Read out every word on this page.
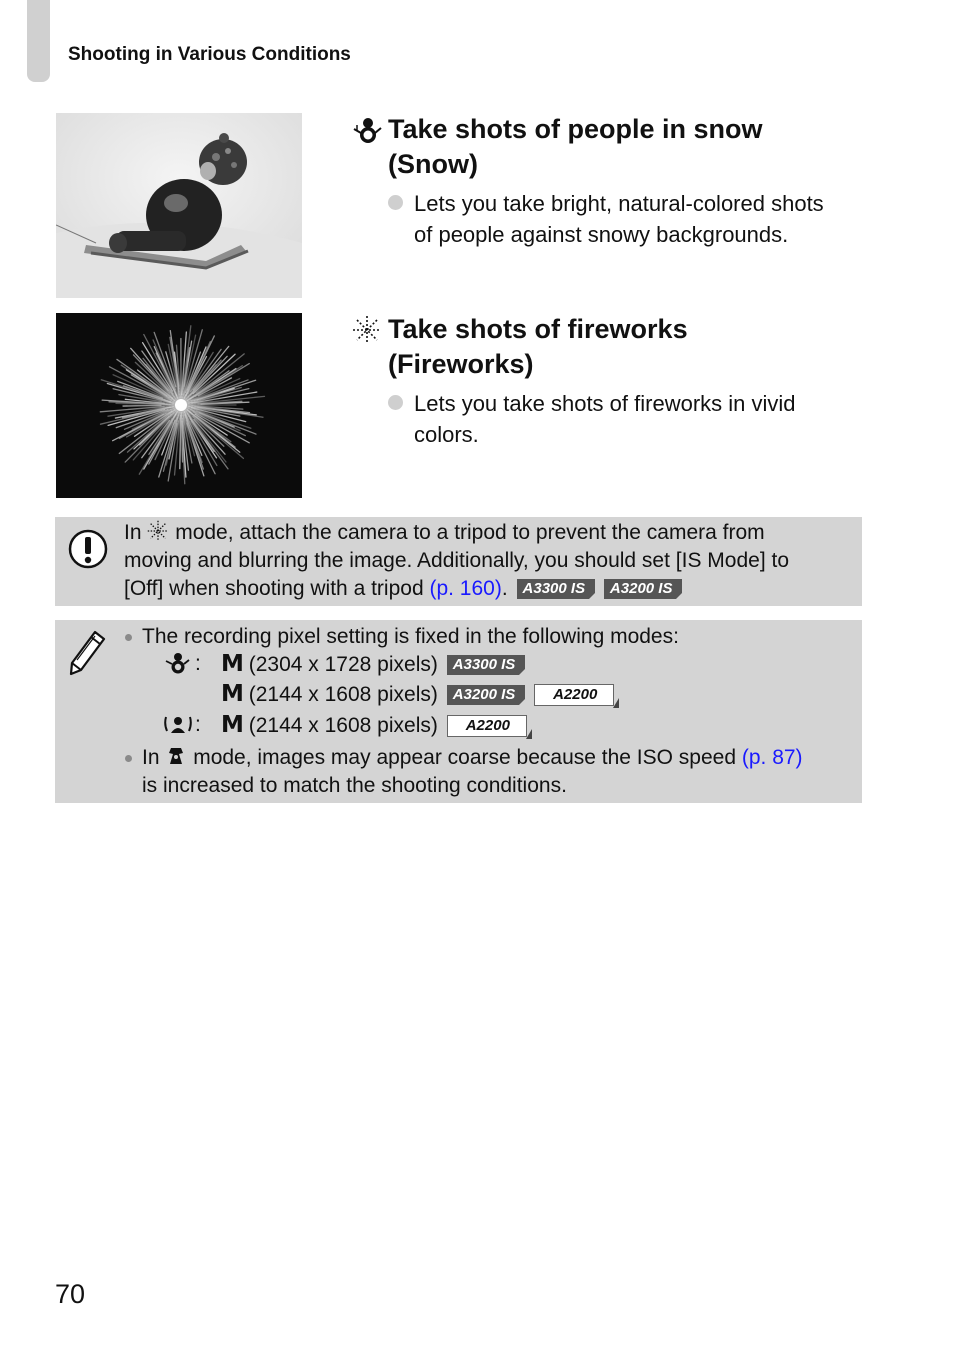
Shooting in Various Conditions
Take shots of people in snow
(Snow)
Lets you take bright, natural-colored shots
of people against snowy backgrounds.
Take shots of fireworks
(Fireworks)
Lets you take shots of fireworks in vivid
colors.
In mode, attach the camera to a tripod to prevent the camera from
moving and blurring the image. Additionally, you should set [IS Mode] to
[Off] when shooting with a tripod (p. 160). A3300 IS A3200 IS
The recording pixel setting is fixed in the following modes:
: M (2304 x 1728 pixels) A3300 IS
M (2144 x 1608 pixels) A3200 IS	A2200
: M (2144 x 1608 pixels) A2200
In mode, images may appear coarse because the ISO speed (p. 87)
is increased to match the shooting conditions.
70
